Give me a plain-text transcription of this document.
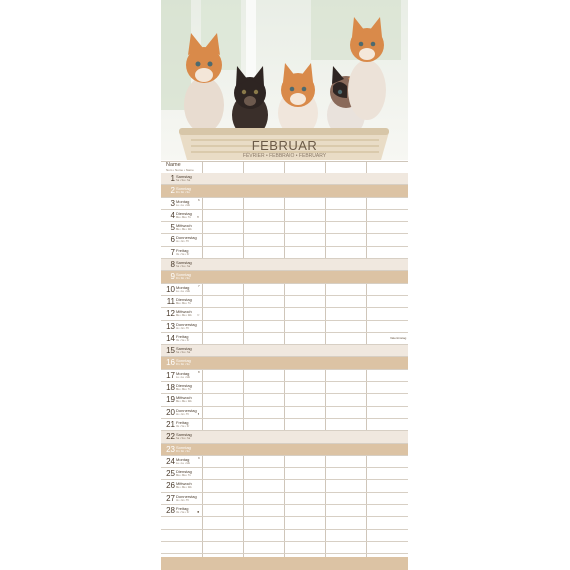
FEBRUAR
FÉVRIER • FEBBRAIO • FEBRUARY
Name
Nom • Nome • Name
1 Samstag
Sa • Sa • Sa
2 Sonntag
Di • Do • Su
3 Montag
Lu • Lu • Mo
6
4 Dienstag
Ma • Ma • Tu ◐
5 Mittwoch
Me • Me • We
6 Donnerstag
Je • Gi • Th
7 Freitag
Ve • Ve • Fr
8 Samstag
Sa • Sa • Sa
9 Sonntag
Di • Do • Su
10 Montag
Lu • Lu • Mo
7
11 Dienstag
Ma • Ma • Tu
12 Mittwoch
Me • Me • We ○
13 Donnerstag
Je • Gi • Th
14 Freitag
Ve • Ve • Fr
Valentinstag
15 Samstag
Sa • Sa • Sa
16 Sonntag
Di • Do • Su
17 Montag
Lu • Lu • Mo
8
18 Dienstag
Ma • Ma • Tu
19 Mittwoch
Me • Me • We
20 Donnerstag
Je • Gi • Th ◑
21 Freitag
Ve • Ve • Fr
22 Samstag
Sa • Sa • Sa
23 Sonntag
Di • Do • Su
24 Montag
Lu • Lu • Mo
9
25 Dienstag
Ma • Ma • Tu
26 Mittwoch
Me • Me • We
27 Donnerstag
Je • Gi • Th
28 Freitag
Ve • Ve • Fr ●
